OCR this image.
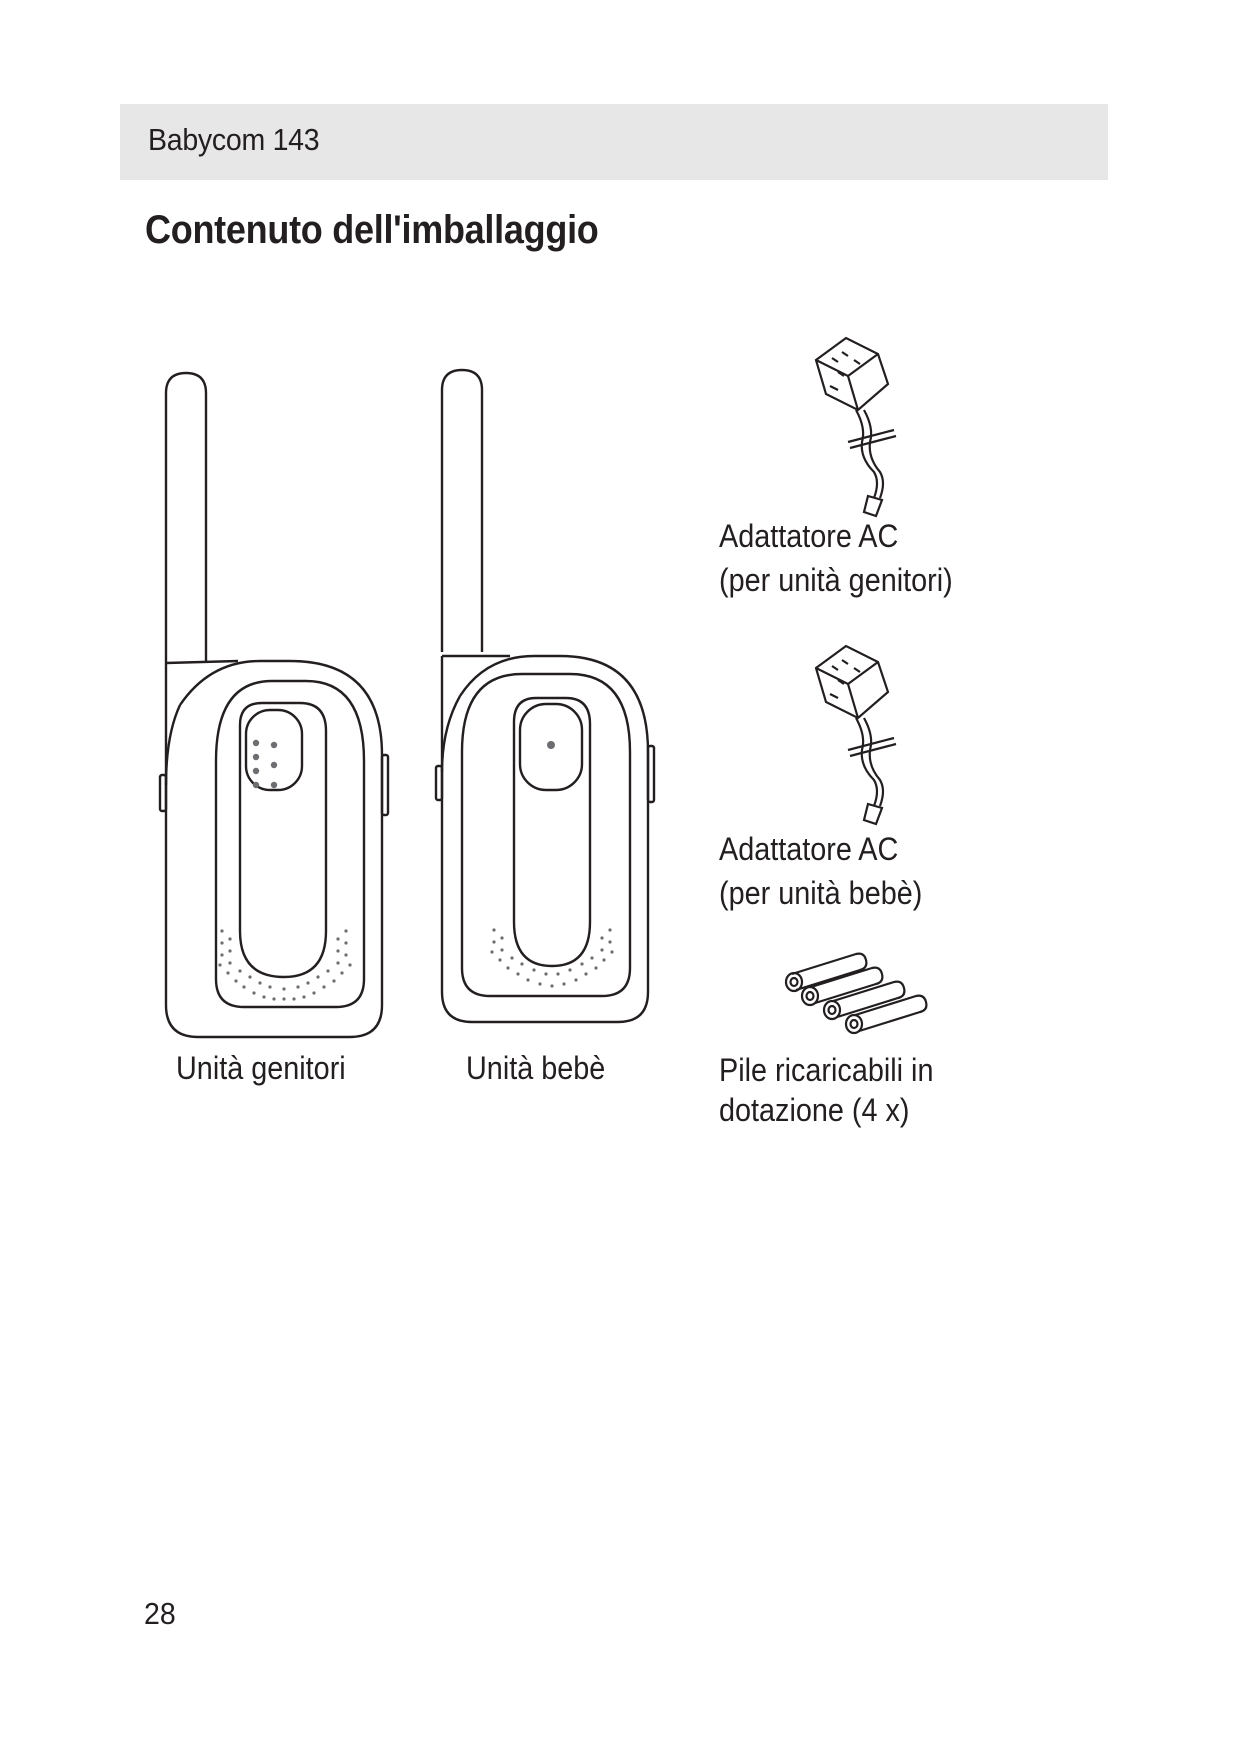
Babycom 143
Contenuto dell'imballaggio
Adattatore AC
(per unità genitori)
Adattatore AC
(per unità bebè)
Pile ricaricabili in
dotazione (4 x)
Unità genitori	Unità bebè
28
